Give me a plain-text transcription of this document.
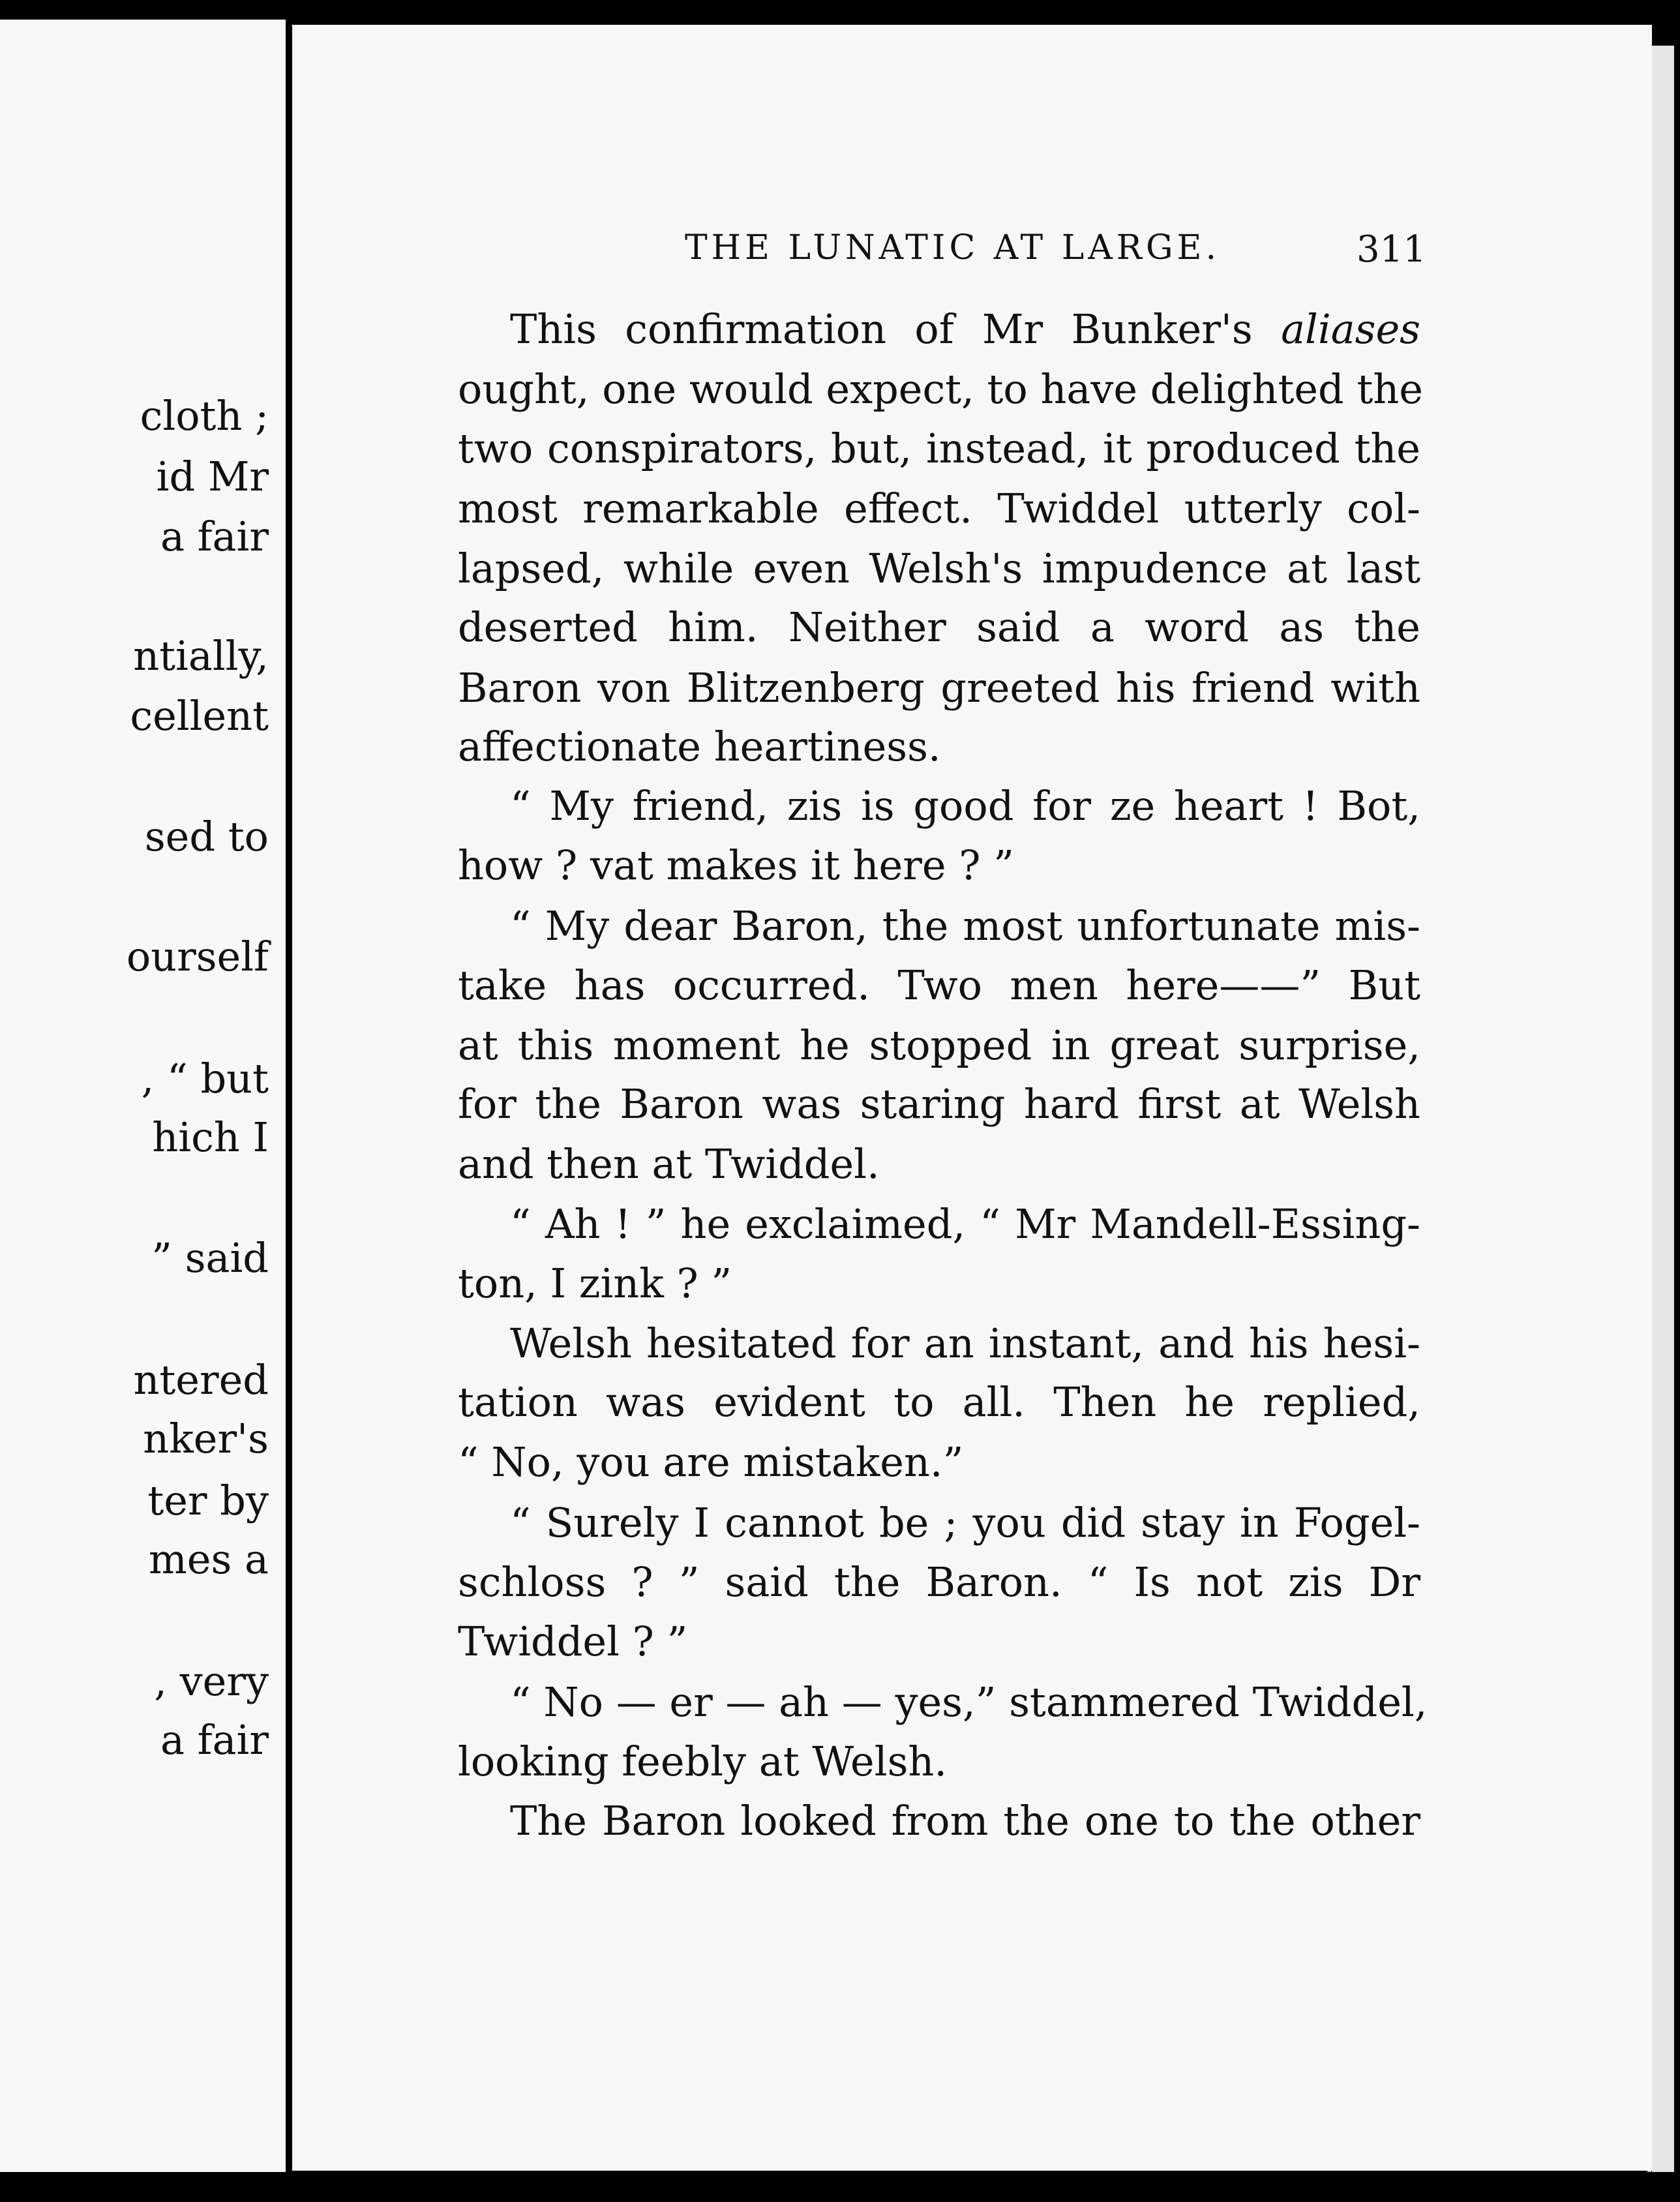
cloth ;
id Mr
a fair
ntially,
cellent
sed to
ourself
, “ but
hich I
” said
ntered
nker's
ter by
mes a
, very
a fair
THE LUNATIC AT LARGE.	311
This confirmation of Mr Bunker's aliases
ought, one would expect, to have delighted the
two conspirators, but, instead, it produced the
most remarkable effect. Twiddel utterly col-
lapsed, while even Welsh's impudence at last
deserted him. Neither said a word as the
Baron von Blitzenberg greeted his friend with
affectionate heartiness.
“ My friend, zis is good for ze heart ! Bot,
how ? vat makes it here ? ”
“ My dear Baron, the most unfortunate mis-
take has occurred. Two men here——” But
at this moment he stopped in great surprise,
for the Baron was staring hard first at Welsh
and then at Twiddel.
“ Ah ! ” he exclaimed, “ Mr Mandell-Essing-
ton, I zink ? ”
Welsh hesitated for an instant, and his hesi-
tation was evident to all. Then he replied,
“ No, you are mistaken.”
“ Surely I cannot be ; you did stay in Fogel-
schloss ? ” said the Baron. “ Is not zis Dr
Twiddel ? ”
“ No — er — ah — yes,” stammered Twiddel,
looking feebly at Welsh.
The Baron looked from the one to the other
